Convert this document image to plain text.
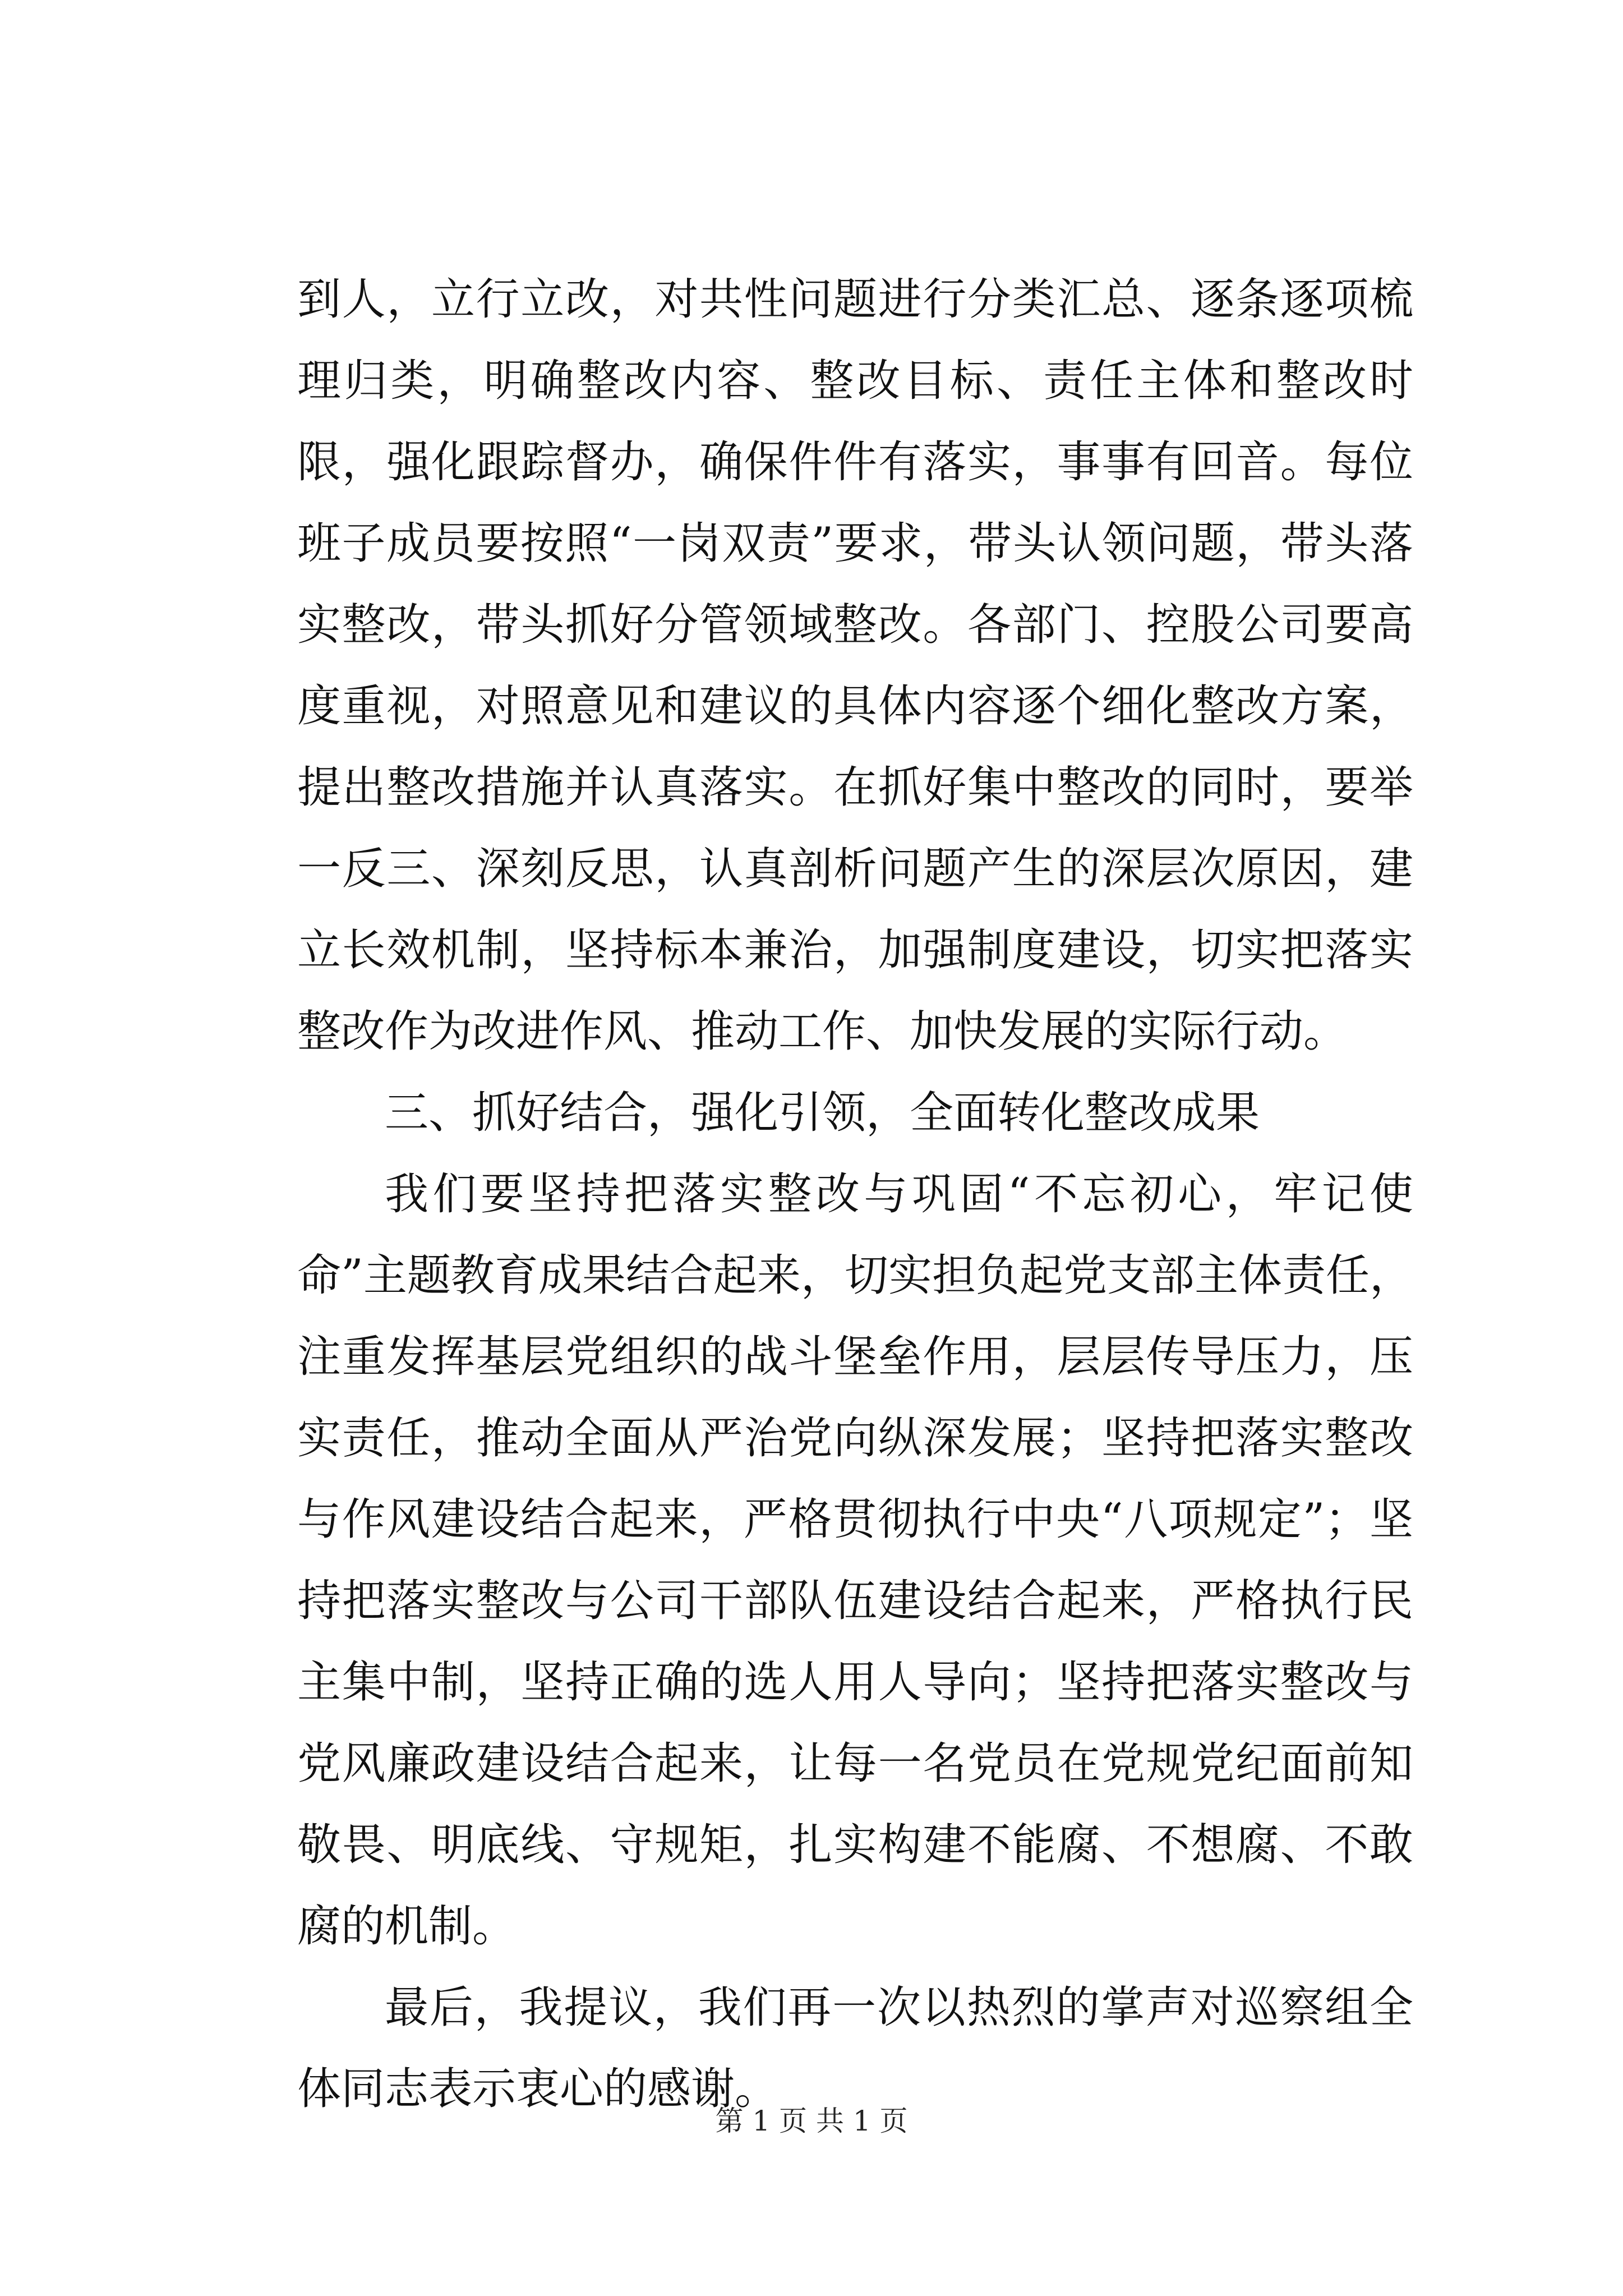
到人，立行立改，对共性问题进行分类汇总、逐条逐项梳理归类，明确整改内容、整改目标、责任主体和整改时限，强化跟踪督办，确保件件有落实，事事有回音。每位班子成员要按照“一岗双责”要求，带头认领问题，带头落实整改，带头抓好分管领域整改。各部门、控股公司要高度重视，对照意见和建议的具体内容逐个细化整改方案，提出整改措施并认真落实。在抓好集中整改的同时，要举一反三、深刻反思，认真剖析问题产生的深层次原因，建立长效机制，坚持标本兼治，加强制度建设，切实把落实整改作为改进作风、推动工作、加快发展的实际行动。

三、抓好结合，强化引领，全面转化整改成果

我们要坚持把落实整改与巩固“不忘初心，牢记使命”主题教育成果结合起来，切实担负起党支部主体责任，注重发挥基层党组织的战斗堡垒作用，层层传导压力，压实责任，推动全面从严治党向纵深发展；坚持把落实整改与作风建设结合起来，严格贯彻执行中央“八项规定”；坚持把落实整改与公司干部队伍建设结合起来，严格执行民主集中制，坚持正确的选人用人导向；坚持把落实整改与党风廉政建设结合起来，让每一名党员在党规党纪面前知敬畏、明底线、守规矩，扎实构建不能腐、不想腐、不敢腐的机制。

最后，我提议，我们再一次以热烈的掌声对巡察组全体同志表示衷心的感谢。

第 1 页 共 1 页
